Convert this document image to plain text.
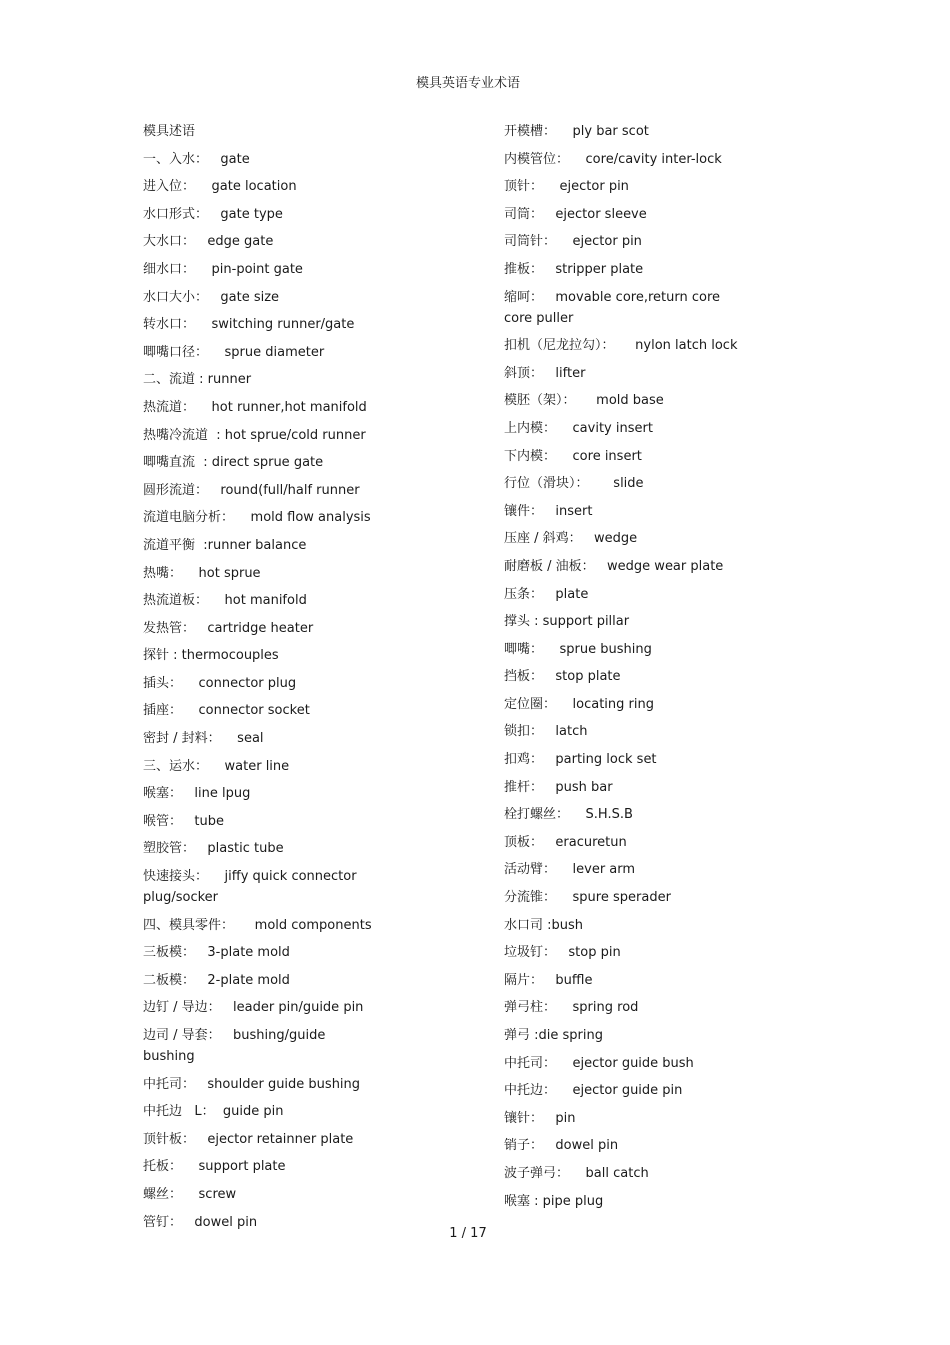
模具英语专业术语
模具述语
一、入水：   gate
进入位：    gate location
水口形式：   gate type
大水口：   edge gate
细水口：    pin-point gate
水口大小：   gate size
转水口：    switching runner/gate
唧嘴口径：    sprue diameter
二、流道 : runner
热流道：    hot runner,hot manifold
热嘴冷流道  : hot sprue/cold runner
唧嘴直流  : direct sprue gate
圆形流道：   round(full/half runner
流道电脑分析：    mold flow analysis
流道平衡  :runner balance
热嘴：    hot sprue
热流道板：    hot manifold
发热管：   cartridge heater
探针 : thermocouples
插头：    connector plug
插座：    connector socket
密封 / 封料：    seal
三、运水：    water line
喉塞：   line lpug
喉管：   tube
塑胶管：   plastic tube
快速接头：    jiffy quick connector plug/socker
四、模具零件：     mold components
三板模：   3-plate mold
二板模：   2-plate mold
边钉 / 导边：   leader pin/guide pin
边司 / 导套：   bushing/guide bushing
中托司：   shoulder guide bushing
中托边   L：  guide pin
顶针板：   ejector retainner plate
托板：    support plate
螺丝：    screw
管钉：   dowel pin
开模槽：    ply bar scot
内模管位：    core/cavity inter-lock
顶针：    ejector pin
司筒：   ejector sleeve
司筒针：    ejector pin
推板：   stripper plate
缩呵：   movable core,return core core puller
扣机（尼龙拉勾）：     nylon latch lock
斜顶：   lifter
模胚（架）：     mold base
上内模：    cavity insert
下内模：    core insert
行位（滑块）：      slide
镶件：   insert
压座 / 斜鸡：   wedge
耐磨板 / 油板：   wedge wear plate
压条：   plate
撑头 : support pillar
唧嘴：    sprue bushing
挡板：   stop plate
定位圈：    locating ring
锁扣：   latch
扣鸡：   parting lock set
推杆：   push bar
栓打螺丝：    S.H.S.B
顶板：   eracuretun
活动臂：    lever arm
分流锥：    spure sperader
水口司 :bush
垃圾钉：   stop pin
隔片：   buffle
弹弓柱：    spring rod
弹弓 :die spring
中托司：    ejector guide bush
中托边：    ejector guide pin
镶针：   pin
销子：   dowel pin
波子弹弓：    ball catch
喉塞 : pipe plug
1 / 17
